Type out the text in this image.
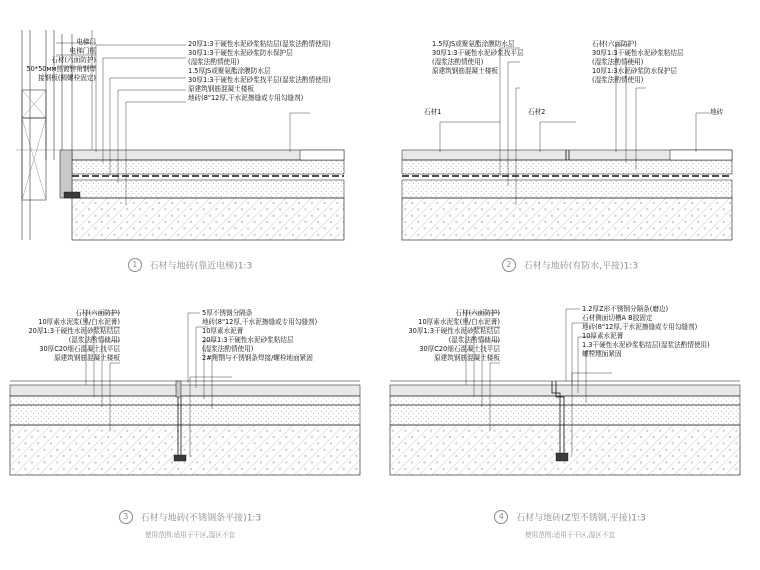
电梯门
电梯门框
石材(六面防护)
50*50мм热镀锌角钢焊
接钢板(圆螺栓固定)
20厚1:3干硬性水泥砂浆粘结层(湿浆法酌情使用)
30厚1:3干硬性水泥砂浆防水保护层
(湿浆法酌情使用)
1.5厚JS或聚氨酯涂膜防水层
30厚1:3干硬性水泥砂浆找平层(湿浆法酌情使用)
原建筑钢筋混凝土楼板
地砖(8"12厚,干水泥擦缝或专用勾缝剂)
1 石材与地砖(靠近电梯)1:3
石材1	石材2
1.5厚JS或聚氨酯涂膜防水层
30厚1:3干硬性水泥砂浆找平层
(湿浆法酌情使用)
原建筑钢筋混凝土楼板
石材(六面防护)
30厚1:3干硬性水泥砂浆粘结层
(湿浆法酌情使用)
10厚1:3水泥砂浆防水保护层
(湿浆法酌情使用)
地砖
2 石材与地砖(有防水,平接)1:3
石材(六面防护)
10厚素水泥浆(黑/白水泥膏)
20厚1:3干硬性水泥砂浆粘结层
(湿浆法酌情使用)
30厚C20细石混凝土找平层
原建筑钢筋混凝土楼板
5厚不锈钢分隔条
地砖(8"12厚,干水泥擦缝或专用勾缝剂)
10厚素水泥膏
20厚1:3干硬性水泥砂浆粘结层
(湿浆法酌情使用)
2#角钢与不锈钢条焊接/螺栓地面紧固
3 石材与地砖(不锈钢条平接)1:3
使用范围:适用于干区,湿区不宜
石材(六面防护)
10厚素水泥浆(黑/白水泥膏)
30厚1:3干硬性水泥砂浆粘结层
(湿浆法酌情使用)
30厚C20细石混凝土找平层
原建筑钢筋混凝土楼板
1.2厚Z形不锈钢分隔条(磨边)
石材侧面切槽A B胶固定
地砖(8"12厚,干水泥擦缝或专用勾缝剂)
10厚素水泥膏
1.3干硬性水泥砂浆粘结层(湿浆法酌情使用)
螺栓地面紧固
4 石材与地砖(Z型不锈钢,平接)1:3
使用范围:适用于干区,湿区不宜
